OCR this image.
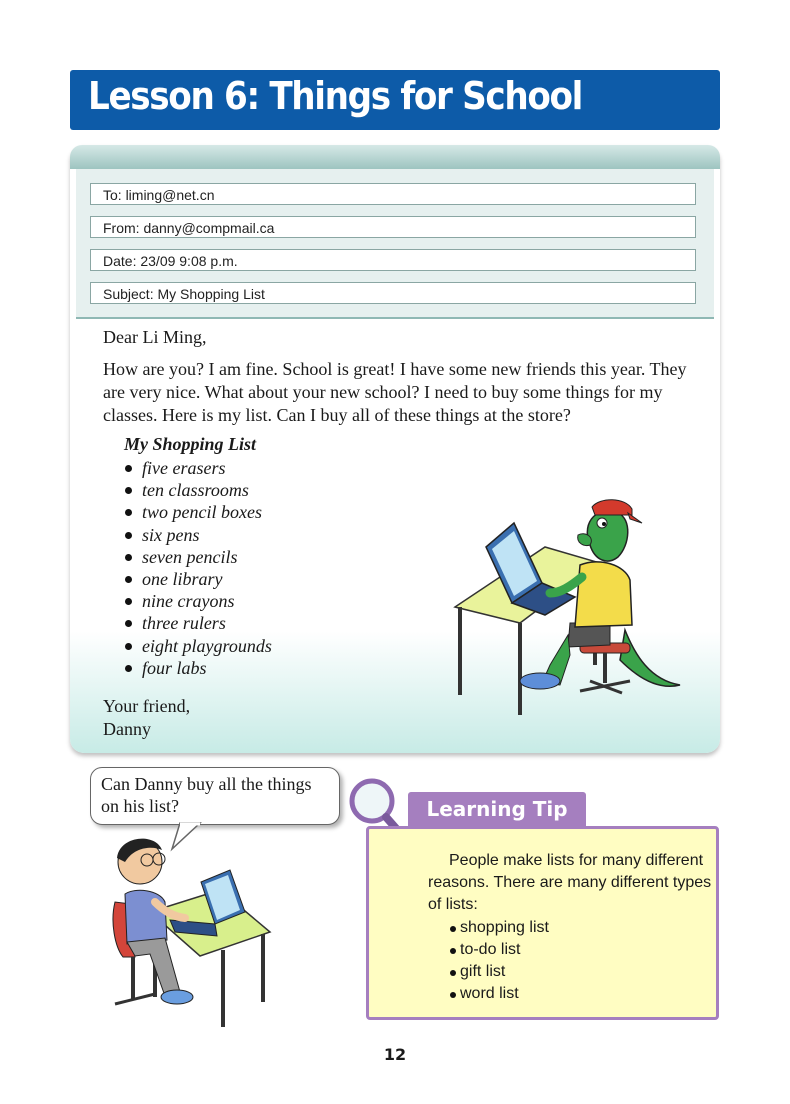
Lesson 6: Things for School
To: liming@net.cn
From: danny@compmail.ca
Date: 23/09 9:08 p.m.
Subject: My Shopping List

Dear Li Ming,

How are you? I am fine. School is great! I have some new friends this year. They are very nice. What about your new school? I need to buy some things for my classes. Here is my list. Can I buy all of these things at the store?

My Shopping List
five erasers
ten classrooms
two pencil boxes
six pens
seven pencils
one library
nine crayons
three rulers
eight playgrounds
four labs
Your friend,
Danny
Can Danny buy all the things on his list?	Learning Tip

People make lists for many different reasons. There are many different types of lists:

shopping list
to-do list
gift list
word list
12
